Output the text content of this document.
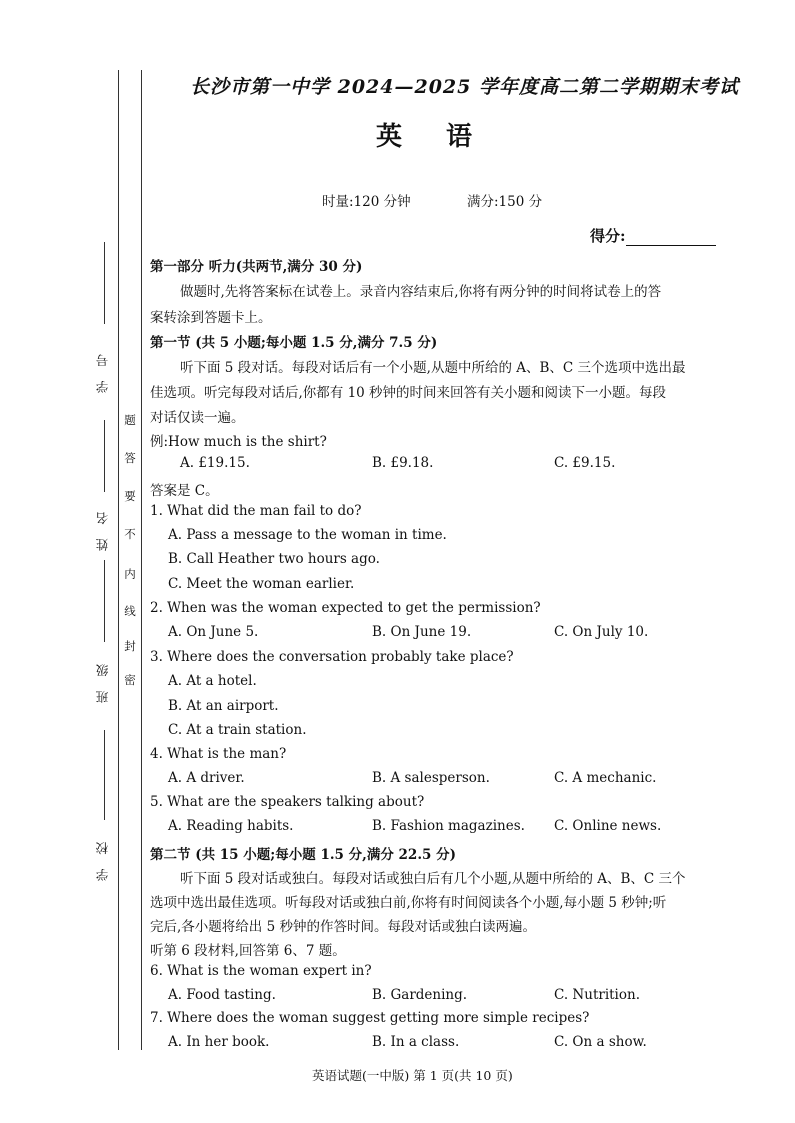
学号
姓名
班级
学校
密
封
线
内
不
要
答
题
长沙市第一中学 2024—2025 学年度高二第二学期期末考试
英语
时量:120 分钟	满分:150 分
得分:
第一部分 听力(共两节,满分 30 分)
做题时,先将答案标在试卷上。录音内容结束后,你将有两分钟的时间将试卷上的答
案转涂到答题卡上。
第一节 (共 5 小题;每小题 1.5 分,满分 7.5 分)
听下面 5 段对话。每段对话后有一个小题,从题中所给的 A、B、C 三个选项中选出最
佳选项。听完每段对话后,你都有 10 秒钟的时间来回答有关小题和阅读下一小题。每段
对话仅读一遍。
例:How much is the shirt?
A. £19.15.	B. £9.18.	C. £9.15.
答案是 C。
1. What did the man fail to do?
A. Pass a message to the woman in time.
B. Call Heather two hours ago.
C. Meet the woman earlier.
2. When was the woman expected to get the permission?
A. On June 5.	B. On June 19.	C. On July 10.
3. Where does the conversation probably take place?
A. At a hotel.
B. At an airport.
C. At a train station.
4. What is the man?
A. A driver.	B. A salesperson.	C. A mechanic.
5. What are the speakers talking about?
A. Reading habits.	B. Fashion magazines. C. Online news.
第二节 (共 15 小题;每小题 1.5 分,满分 22.5 分)
听下面 5 段对话或独白。每段对话或独白后有几个小题,从题中所给的 A、B、C 三个
选项中选出最佳选项。听每段对话或独白前,你将有时间阅读各个小题,每小题 5 秒钟;听
完后,各小题将给出 5 秒钟的作答时间。每段对话或独白读两遍。
听第 6 段材料,回答第 6、7 题。
6. What is the woman expert in?
A. Food tasting.	B. Gardening.	C. Nutrition.
7. Where does the woman suggest getting more simple recipes?
A. In her book.	B. In a class.	C. On a show.
英语试题(一中版) 第 1 页(共 10 页)
